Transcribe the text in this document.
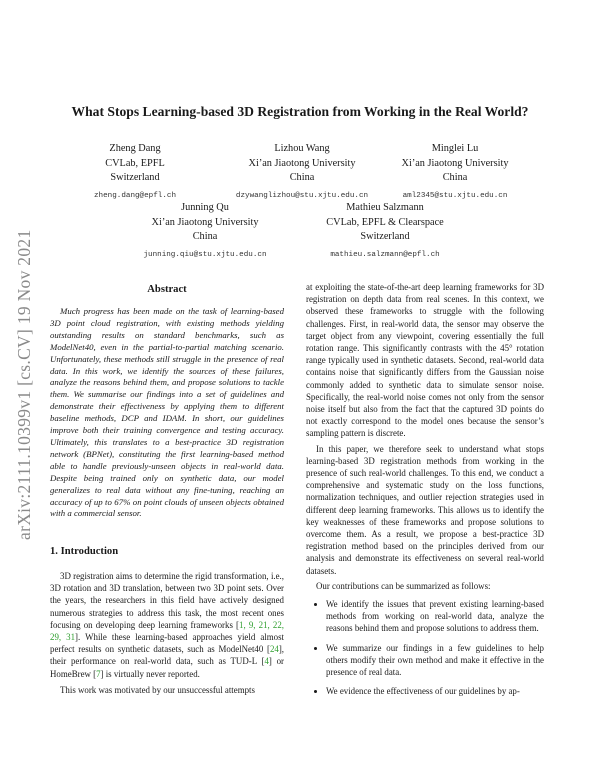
arXiv:2111.10399v1 [cs.CV] 19 Nov 2021
What Stops Learning-based 3D Registration from Working in the Real World?
Zheng Dang
CVLab, EPFL
Switzerland
zheng.dang@epfl.ch
Lizhou Wang
Xi’an Jiaotong University
China
dzywanglizhou@stu.xjtu.edu.cn
Minglei Lu
Xi’an Jiaotong University
China
aml2345@stu.xjtu.edu.cn
Junning Qu
Xi’an Jiaotong University
China
junning.qiu@stu.xjtu.edu.cn
Mathieu Salzmann
CVLab, EPFL & Clearspace
Switzerland
mathieu.salzmann@epfl.ch
Abstract

Much progress has been made on the task of learning-based 3D point cloud registration, with existing methods yielding outstanding results on standard benchmarks, such as ModelNet40, even in the partial-to-partial matching scenario. Unfortunately, these methods still struggle in the presence of real data. In this work, we identify the sources of these failures, analyze the reasons behind them, and propose solutions to tackle them. We summarise our findings into a set of guidelines and demonstrate their effectiveness by applying them to different baseline methods, DCP and IDAM. In short, our guidelines improve both their training convergence and testing accuracy. Ultimately, this translates to a best-practice 3D registration network (BPNet), constituting the first learning-based method able to handle previously-unseen objects in real-world data. Despite being trained only on synthetic data, our model generalizes to real data without any fine-tuning, reaching an accuracy of up to 67% on point clouds of unseen objects obtained with a commercial sensor.

1. Introduction

3D registration aims to determine the rigid transformation, i.e., 3D rotation and 3D translation, between two 3D point sets. Over the years, the researchers in this field have actively designed numerous strategies to address this task, the most recent ones focusing on developing deep learning frameworks [1, 9, 21, 22, 29, 31]. While these learning-based approaches yield almost perfect results on synthetic datasets, such as ModelNet40 [24], their performance on real-world data, such as TUD-L [4] or HomeBrew [7] is virtually never reported.

This work was motivated by our unsuccessful attempts

at exploiting the state-of-the-art deep learning frameworks for 3D registration on depth data from real scenes. In this context, we observed these frameworks to struggle with the following challenges. First, in real-world data, the sensor may observe the target object from any viewpoint, covering essentially the full rotation range. This significantly contrasts with the 45° rotation range typically used in synthetic datasets. Second, real-world data contains noise that significantly differs from the Gaussian noise commonly added to synthetic data to simulate sensor noise. Specifically, the real-world noise comes not only from the sensor noise itself but also from the fact that the captured 3D points do not exactly correspond to the model ones because the sensor’s sampling pattern is discrete.

In this paper, we therefore seek to understand what stops learning-based 3D registration methods from working in the presence of such real-world challenges. To this end, we conduct a comprehensive and systematic study on the loss functions, normalization techniques, and outlier rejection strategies used in different deep learning frameworks. This allows us to identify the key weaknesses of these frameworks and propose solutions to overcome them. As a result, we propose a best-practice 3D registration method based on the principles derived from our analysis and demonstrate its effectiveness on several real-world datasets.

Our contributions can be summarized as follows:

• We identify the issues that prevent existing learning-based methods from working on real-world data, analyze the reasons behind them and propose solutions to address them.
• We summarize our findings in a few guidelines to help others modify their own method and make it effective in the presence of real data.
• We evidence the effectiveness of our guidelines by ap-
